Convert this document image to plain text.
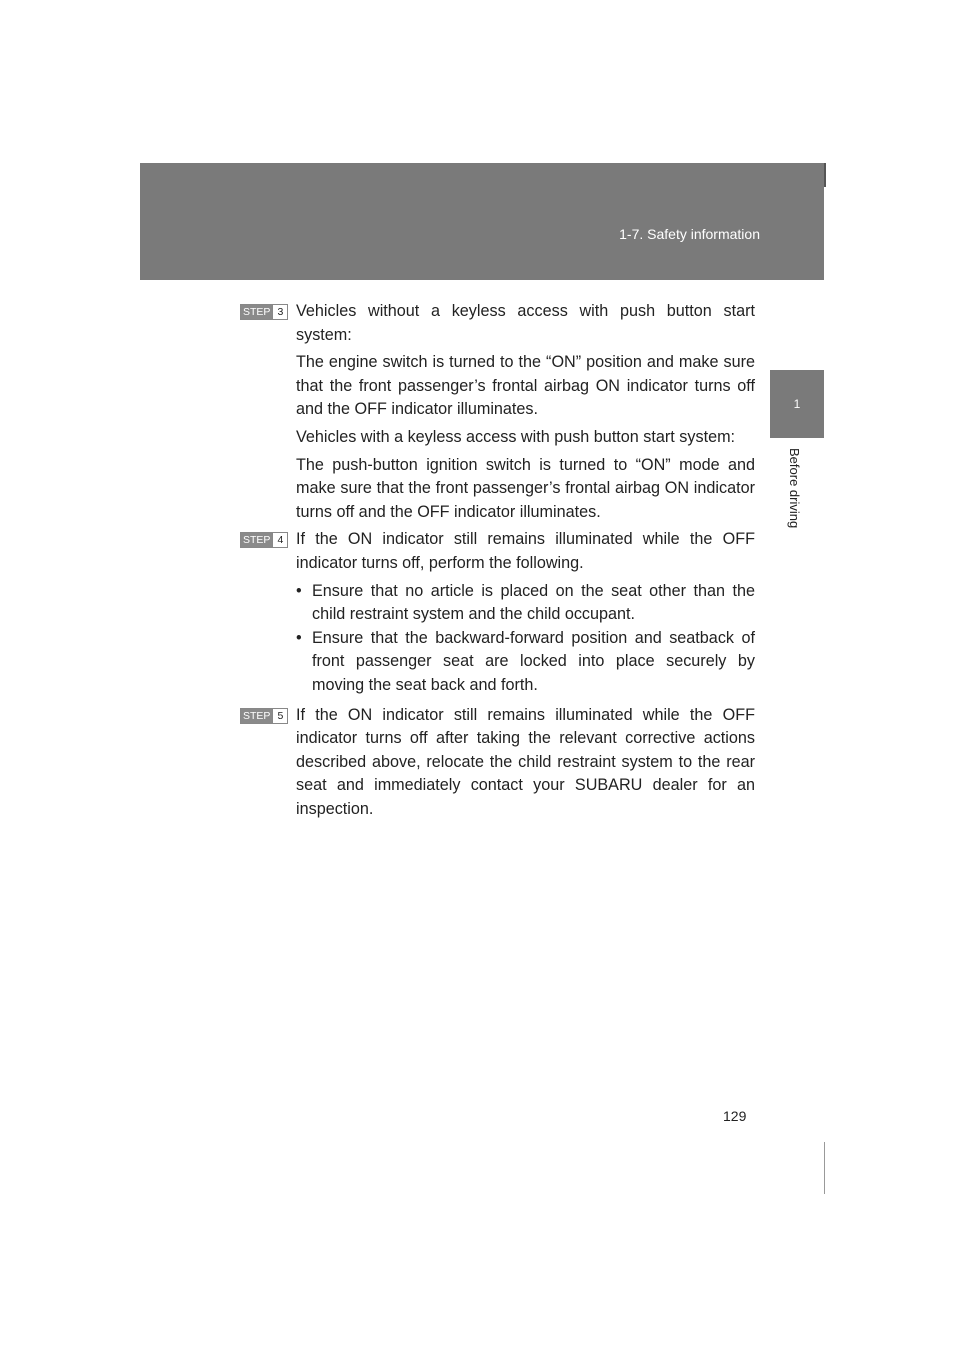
1-7. Safety information
1
Before driving
STEP 3 Vehicles without a keyless access with push button start system:

The engine switch is turned to the “ON” position and make sure that the front passenger’s frontal airbag ON indicator turns off and the OFF indicator illuminates.

Vehicles with a keyless access with push button start system:

The push-button ignition switch is turned to “ON” mode and make sure that the front passenger’s frontal airbag ON indicator turns off and the OFF indicator illuminates.

STEP 4 If the ON indicator still remains illuminated while the OFF indicator turns off, perform the following.

• Ensure that no article is placed on the seat other than the child restraint system and the child occupant.

• Ensure that the backward-forward position and seatback of front passenger seat are locked into place securely by moving the seat back and forth.

STEP 5 If the ON indicator still remains illuminated while the OFF indicator turns off after taking the relevant corrective actions described above, relocate the child restraint system to the rear seat and immediately contact your SUBARU dealer for an inspection.

129
